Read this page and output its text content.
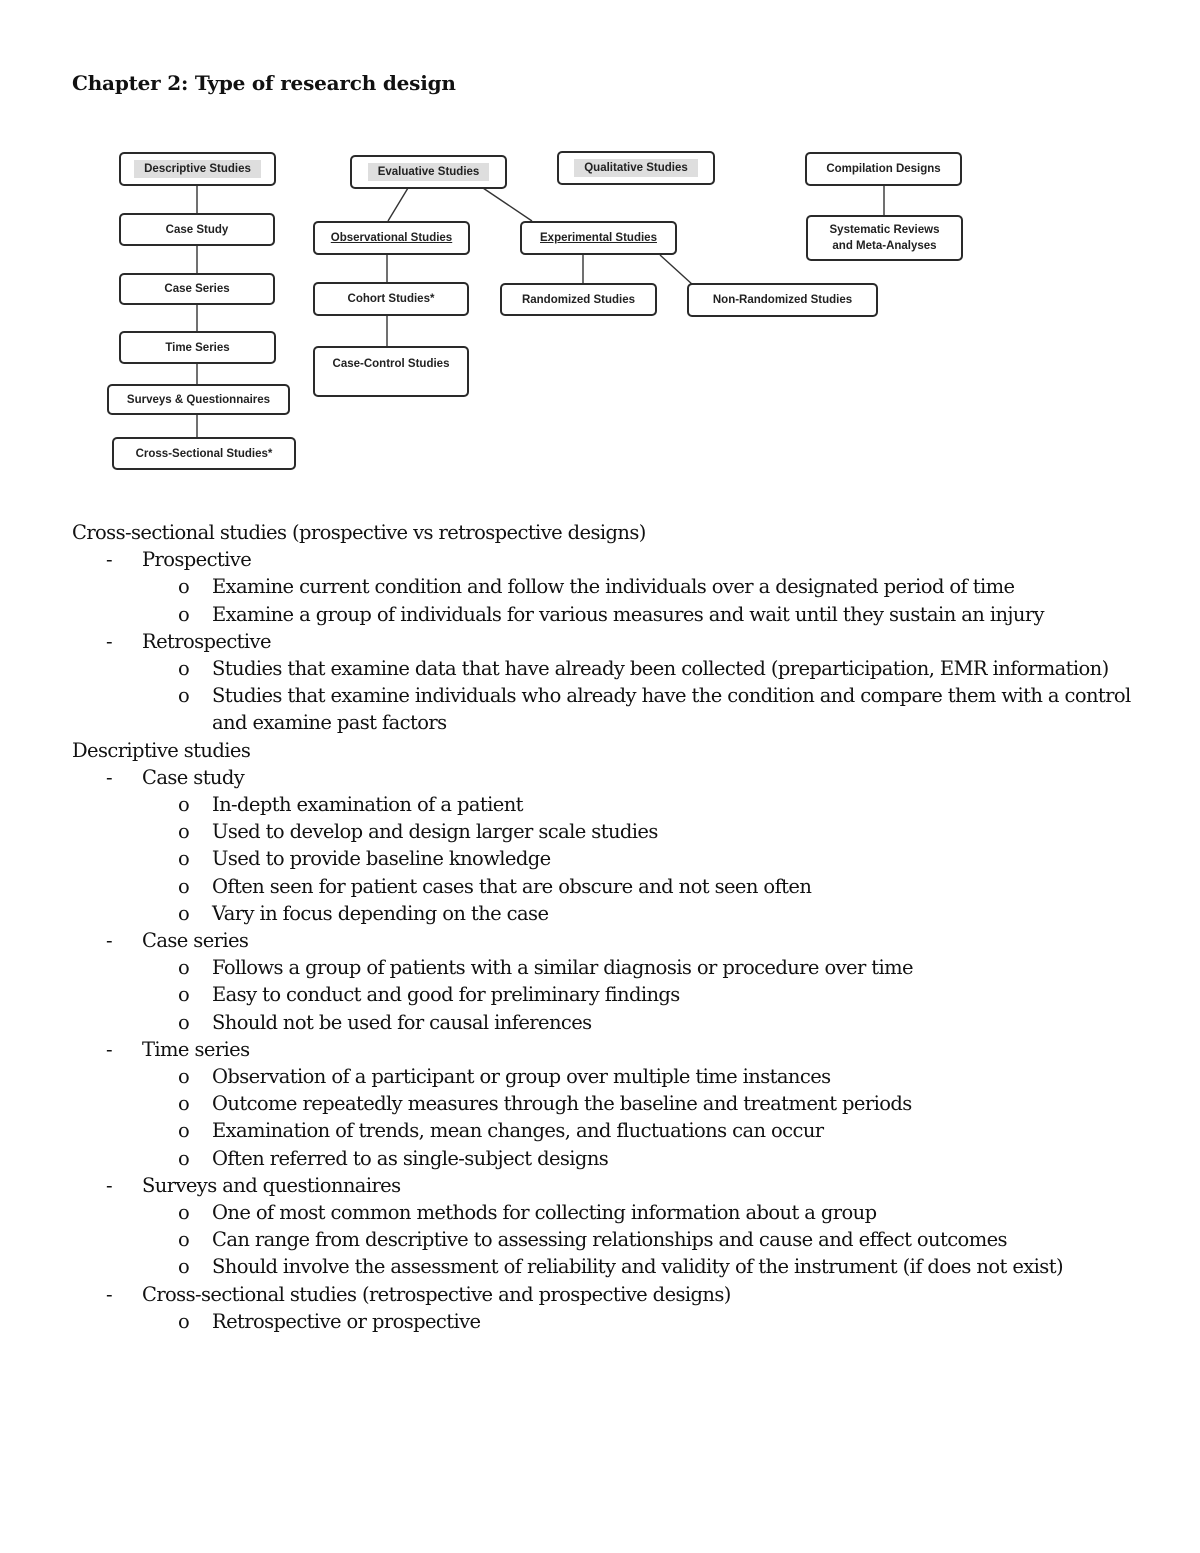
Chapter 2: Type of research design
Descriptive Studies
Case Study
Case Series
Time Series
Surveys & Questionnaires
Cross-Sectional Studies*
Evaluative Studies
Observational Studies	Experimental Studies
Cohort Studies*
Case-Control Studies
Randomized Studies	Non-Randomized Studies
Qualitative Studies	Compilation Designs
Systematic Reviews
and Meta-Analyses
Cross-sectional studies (prospective vs retrospective designs)
- Prospective
o Examine current condition and follow the individuals over a designated period of time
o Examine a group of individuals for various measures and wait until they sustain an injury
- Retrospective
o Studies that examine data that have already been collected (preparticipation, EMR information)
o Studies that examine individuals who already have the condition and compare them with a control and examine past factors
Descriptive studies
- Case study
o In-depth examination of a patient
o Used to develop and design larger scale studies
o Used to provide baseline knowledge
o Often seen for patient cases that are obscure and not seen often
o Vary in focus depending on the case
- Case series
o Follows a group of patients with a similar diagnosis or procedure over time
o Easy to conduct and good for preliminary findings
o Should not be used for causal inferences
- Time series
o Observation of a participant or group over multiple time instances
o Outcome repeatedly measures through the baseline and treatment periods
o Examination of trends, mean changes, and fluctuations can occur
o Often referred to as single-subject designs
- Surveys and questionnaires
o One of most common methods for collecting information about a group
o Can range from descriptive to assessing relationships and cause and effect outcomes
o Should involve the assessment of reliability and validity of the instrument (if does not exist)
- Cross-sectional studies (retrospective and prospective designs)
o Retrospective or prospective
